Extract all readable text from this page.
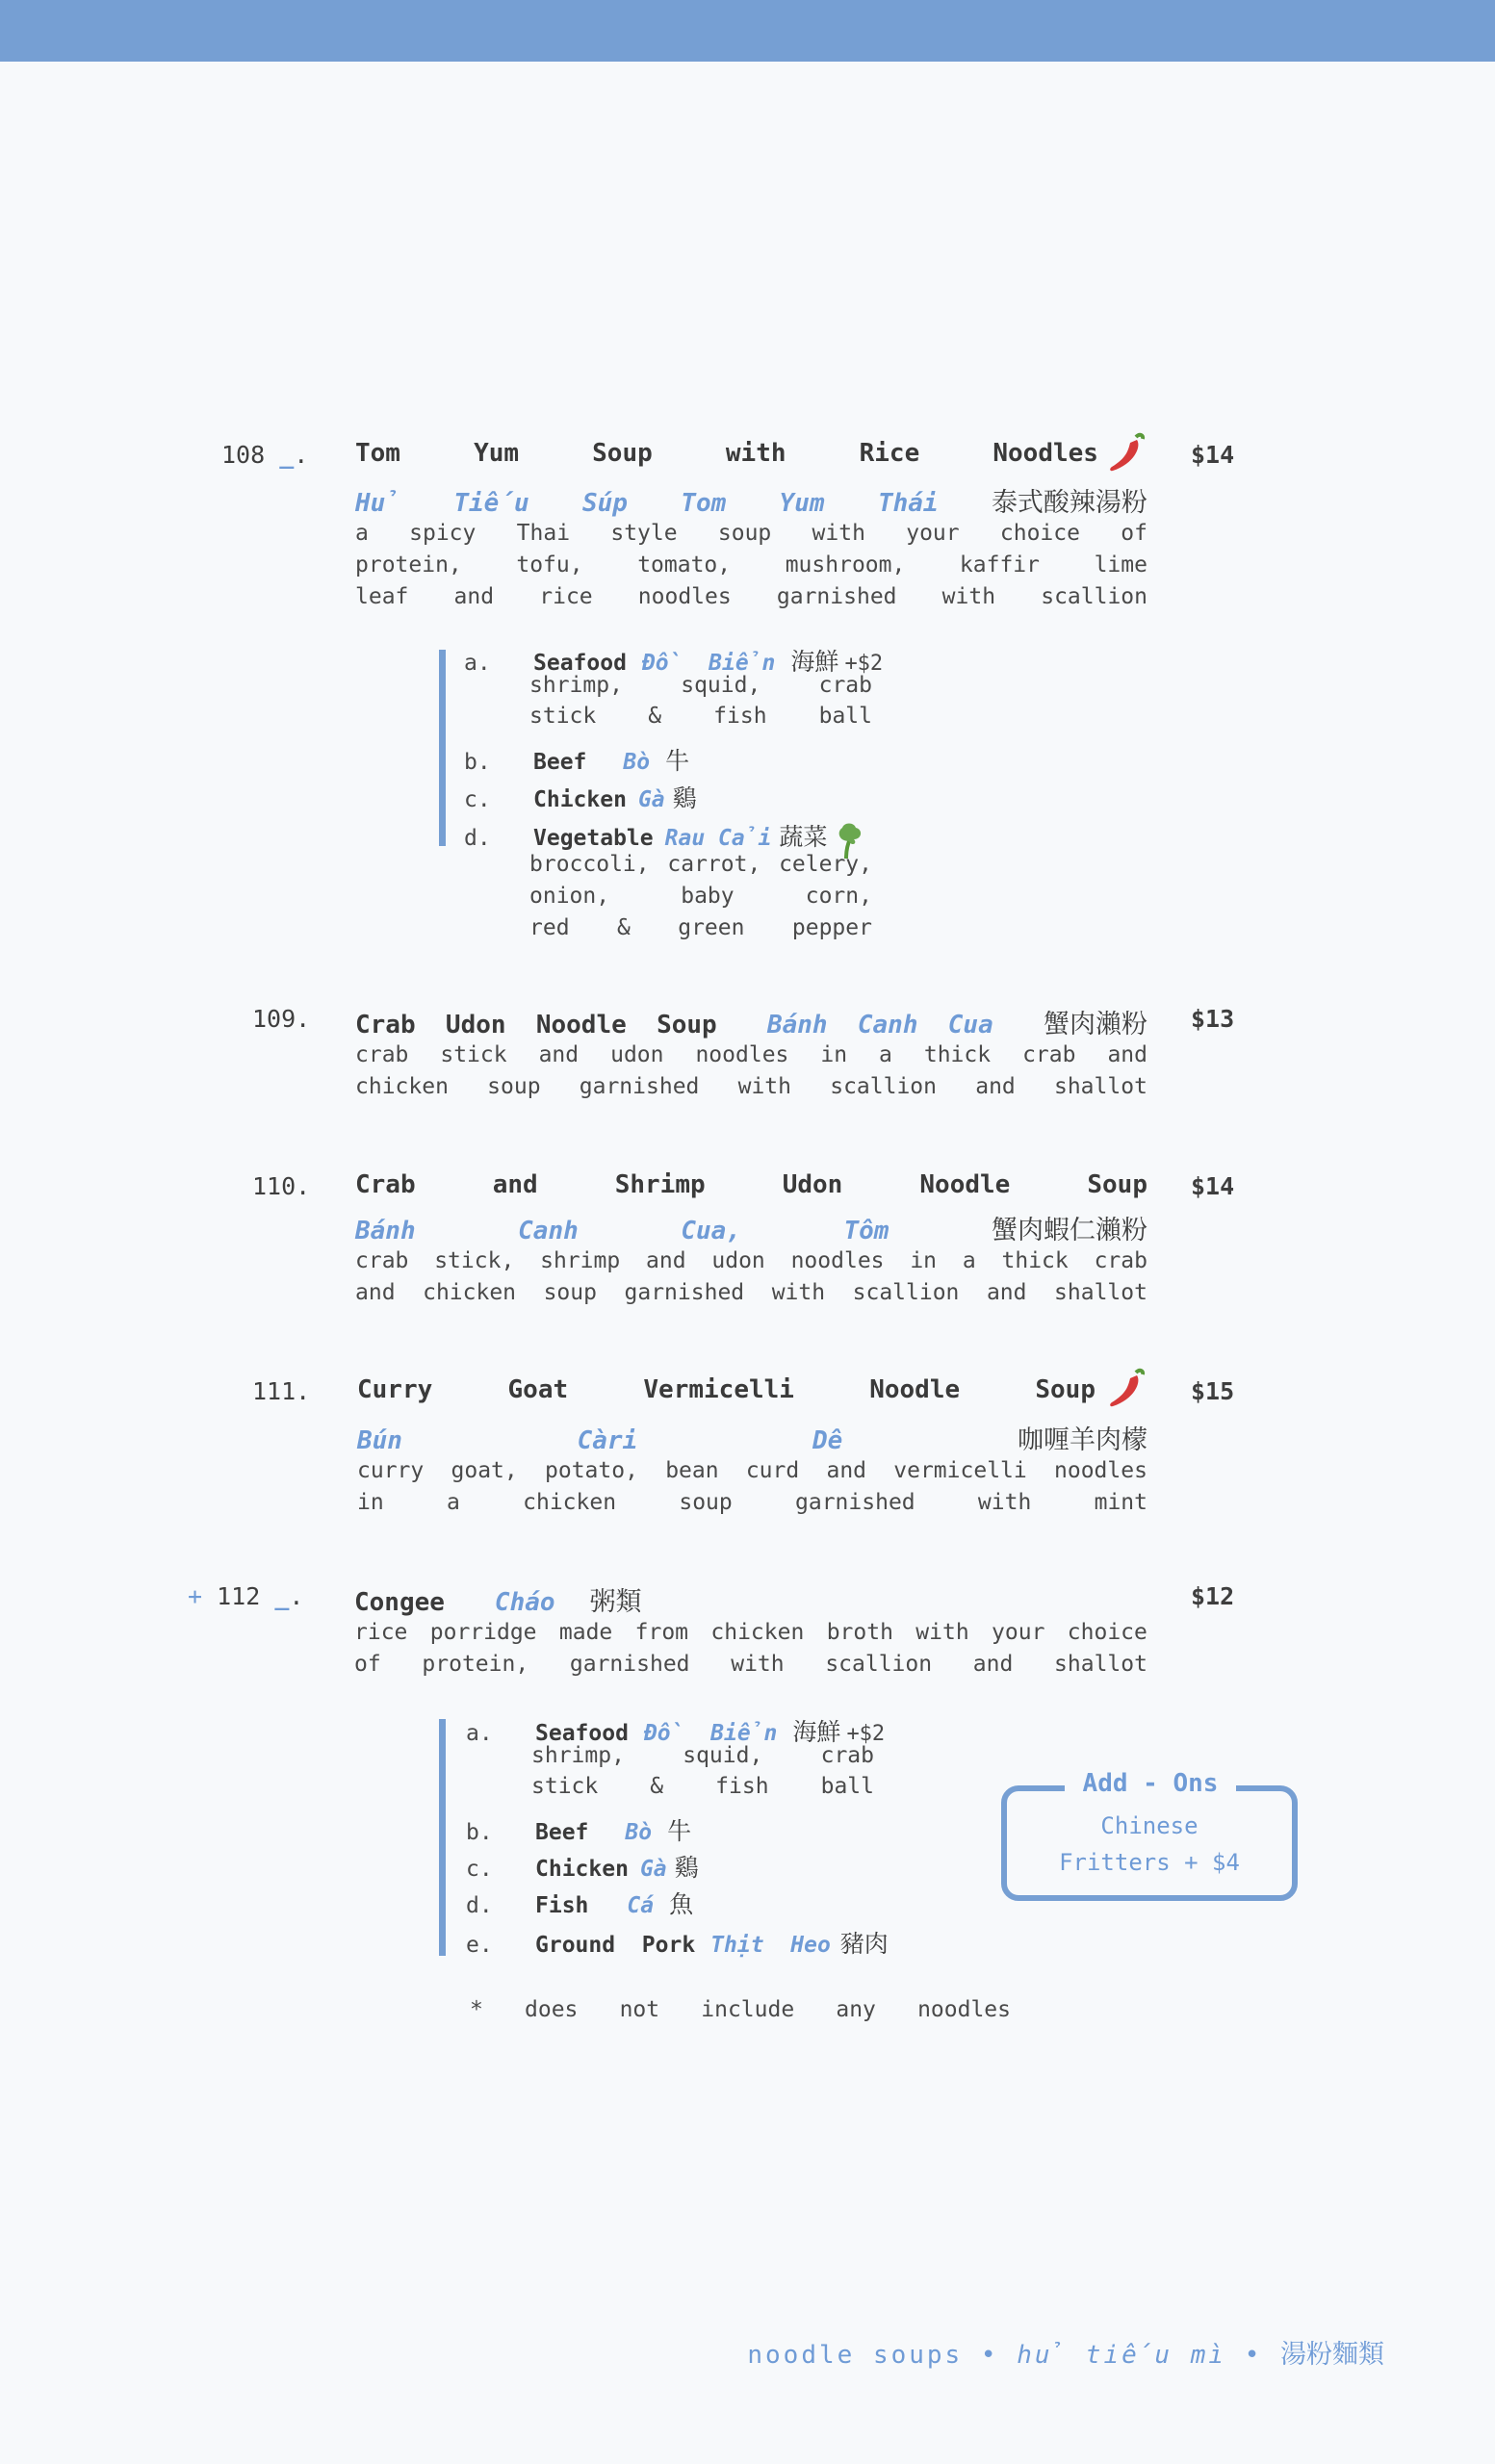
108 _.	$14
Tom	Yum	Soup	with	Rice	Noodles
Hủ Tiếu Súp Tom Yum Thái 泰式酸辣湯粉
a spicy Thai style soup with your choice of
protein, tofu, tomato, mushroom, kaffir lime
leaf and rice noodles garnished with scallion
a.	Seafood Đồ  Biển 海鮮 +$2
shrimp,	squid,	crab
stick & fish ball
b.	Beef Bò 牛
c.	Chicken Gà 鷄
d.	Vegetable Rau Cải 蔬菜
broccoli, carrot, celery,
onion,	baby	corn,
red & green pepper
109.	$13
Crab  Udon  Noodle  Soup Bánh  Canh  Cua 蟹肉瀨粉
crab stick and udon noodles in a thick crab and
chicken soup garnished with scallion and shallot
110.	$14
Crab	and	Shrimp	Udon	Noodle	Soup
Bánh	Canh	Cua,	Tôm	蟹肉蝦仁瀨粉
crab stick, shrimp and udon noodles in a thick crab
and chicken soup garnished with scallion and shallot
111.	$15
Curry	Goat	Vermicelli	Noodle	Soup
Bún	Càri	Dê	咖喱羊肉檬
curry goat, potato, bean curd and vermicelli noodles
in	a	chicken	soup	garnished	with	mint
+ 112 _.	$12
Congee Cháo 粥類
rice porridge made from chicken broth with your choice
of protein, garnished with scallion and shallot
a.	Seafood Đồ  Biển 海鮮 +$2
shrimp,	squid,	crab
stick & fish ball
b.	Beef Bò 牛
c.	Chicken Gà 鷄
d.	Fish Cá 魚
e.	Ground  Pork Thịt  Heo 豬肉
* does not include any noodles
Add - Ons
Chinese
Fritters + $4
noodle soups • hủ tiếu mì • 湯粉麵類
